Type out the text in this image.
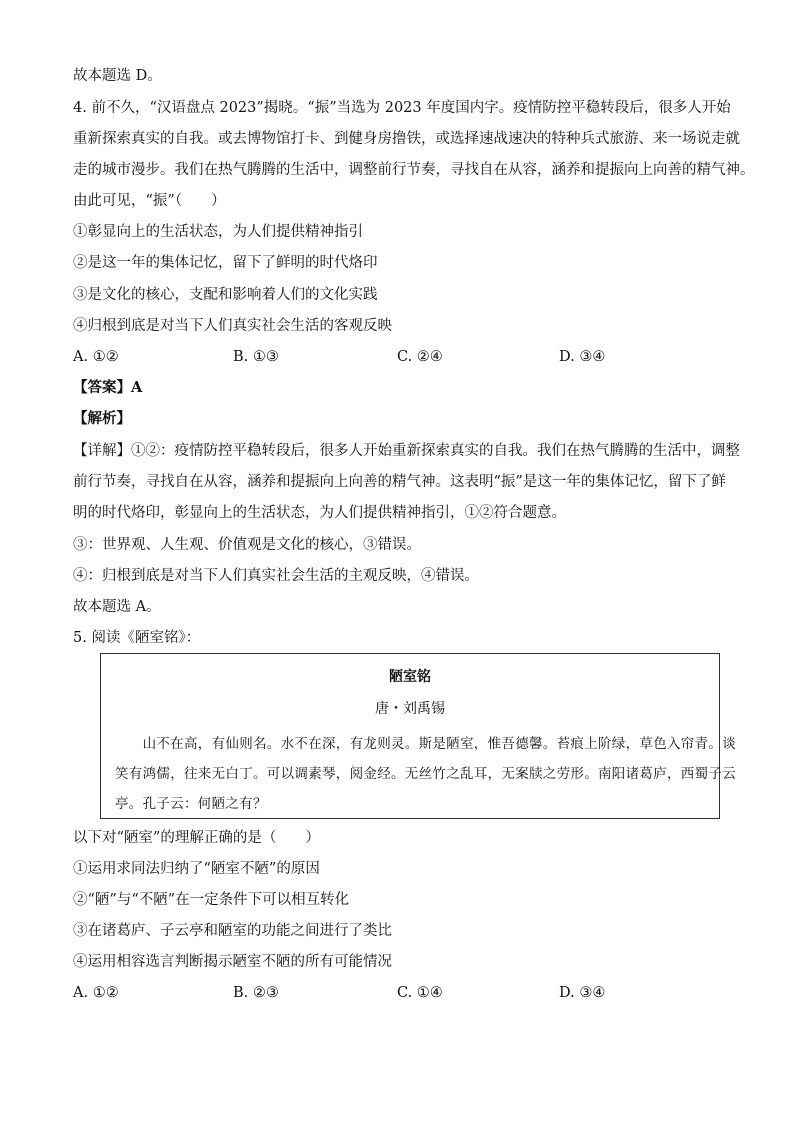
故本题选 D。
4. 前不久，“汉语盘点 2023”揭晓。“振”当选为 2023 年度国内字。疫情防控平稳转段后，很多人开始
重新探索真实的自我。或去博物馆打卡、到健身房撸铁，或选择速战速决的特种兵式旅游、来一场说走就
走的城市漫步。我们在热气腾腾的生活中，调整前行节奏，寻找自在从容，涵养和提振向上向善的精气神。
由此可见，“振”（　　）
①彰显向上的生活状态，为人们提供精神指引
②是这一年的集体记忆，留下了鲜明的时代烙印
③是文化的核心，支配和影响着人们的文化实践
④归根到底是对当下人们真实社会生活的客观反映
A. ①②	B. ①③	C. ②④	D. ③④
【答案】A
【解析】
【详解】①②：疫情防控平稳转段后，很多人开始重新探索真实的自我。我们在热气腾腾的生活中，调整
前行节奏，寻找自在从容，涵养和提振向上向善的精气神。这表明“振”是这一年的集体记忆，留下了鲜
明的时代烙印，彰显向上的生活状态，为人们提供精神指引，①②符合题意。
③：世界观、人生观、价值观是文化的核心，③错误。
④：归根到底是对当下人们真实社会生活的主观反映，④错误。
故本题选 A。
5. 阅读《陋室铭》：
陋室铭
唐・刘禹锡
　　山不在高，有仙则名。水不在深，有龙则灵。斯是陋室，惟吾德馨。苔痕上阶绿，草色入帘青。谈
笑有鸿儒，往来无白丁。可以调素琴，阅金经。无丝竹之乱耳，无案牍之劳形。南阳诸葛庐，西蜀子云
亭。孔子云：何陋之有？
以下对“陋室”的理解正确的是（　　）
①运用求同法归纳了“陋室不陋”的原因
②“陋”与“不陋”在一定条件下可以相互转化
③在诸葛庐、子云亭和陋室的功能之间进行了类比
④运用相容选言判断揭示陋室不陋的所有可能情况
A. ①②	B. ②③	C. ①④	D. ③④
